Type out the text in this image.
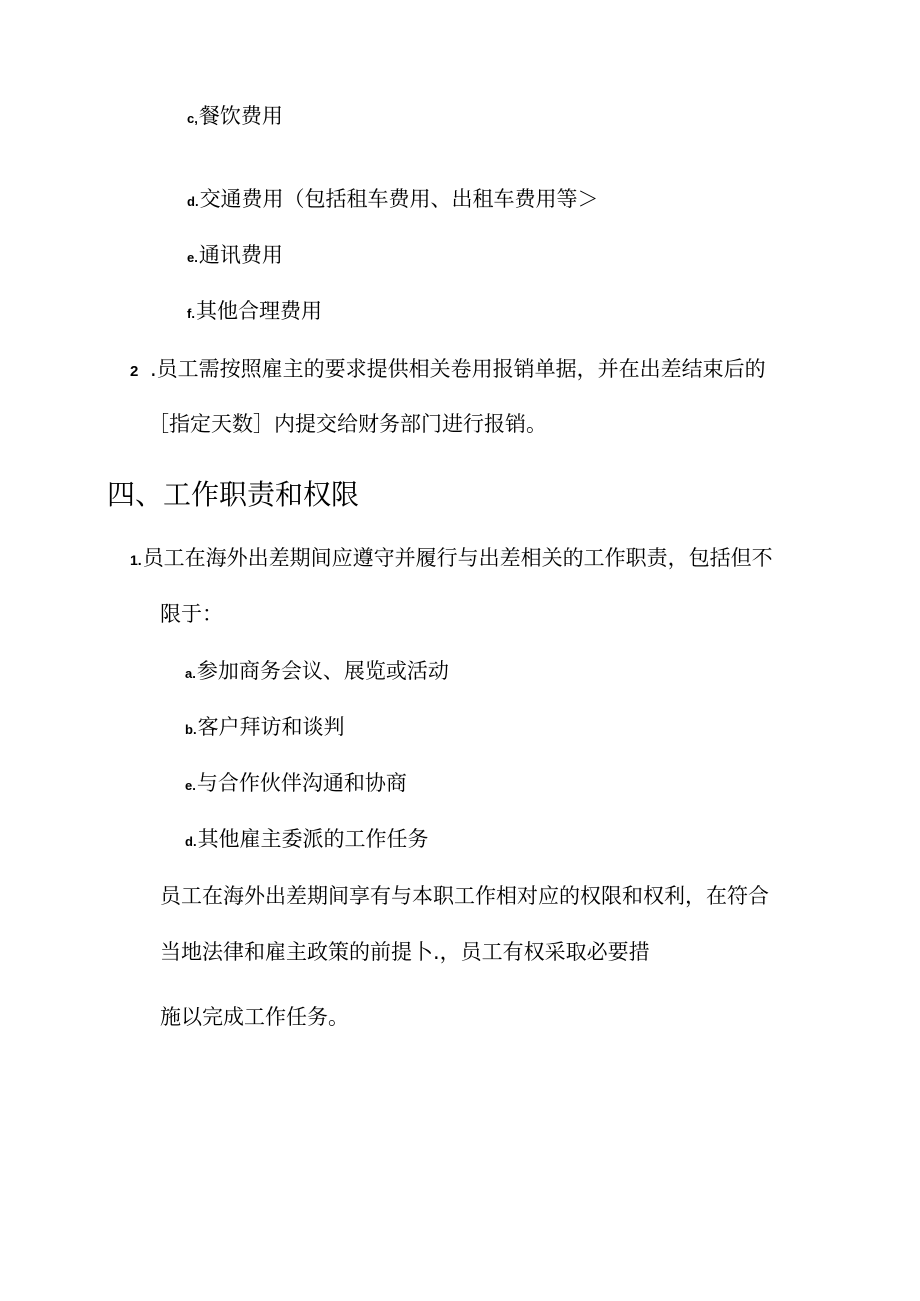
c,餐饮费用
d.交通费用（包括租车费用、出租车费用等＞
e.通讯费用
f.其他合理费用
2 .员工需按照雇主的要求提供相关卷用报销单据，并在出差结束后的
［指定天数］内提交给财务部门进行报销。
四、工作职责和权限
1.员工在海外出差期间应遵守并履行与出差相关的工作职责，包括但不
限于：
a.参加商务会议、展览或活动
b.客户拜访和谈判
e.与合作伙伴沟通和协商
d.其他雇主委派的工作任务
员工在海外出差期间享有与本职工作相对应的权限和权利，在符合
当地法律和雇主政策的前提卜.，员工有权采取必要措
施以完成工作任务。
